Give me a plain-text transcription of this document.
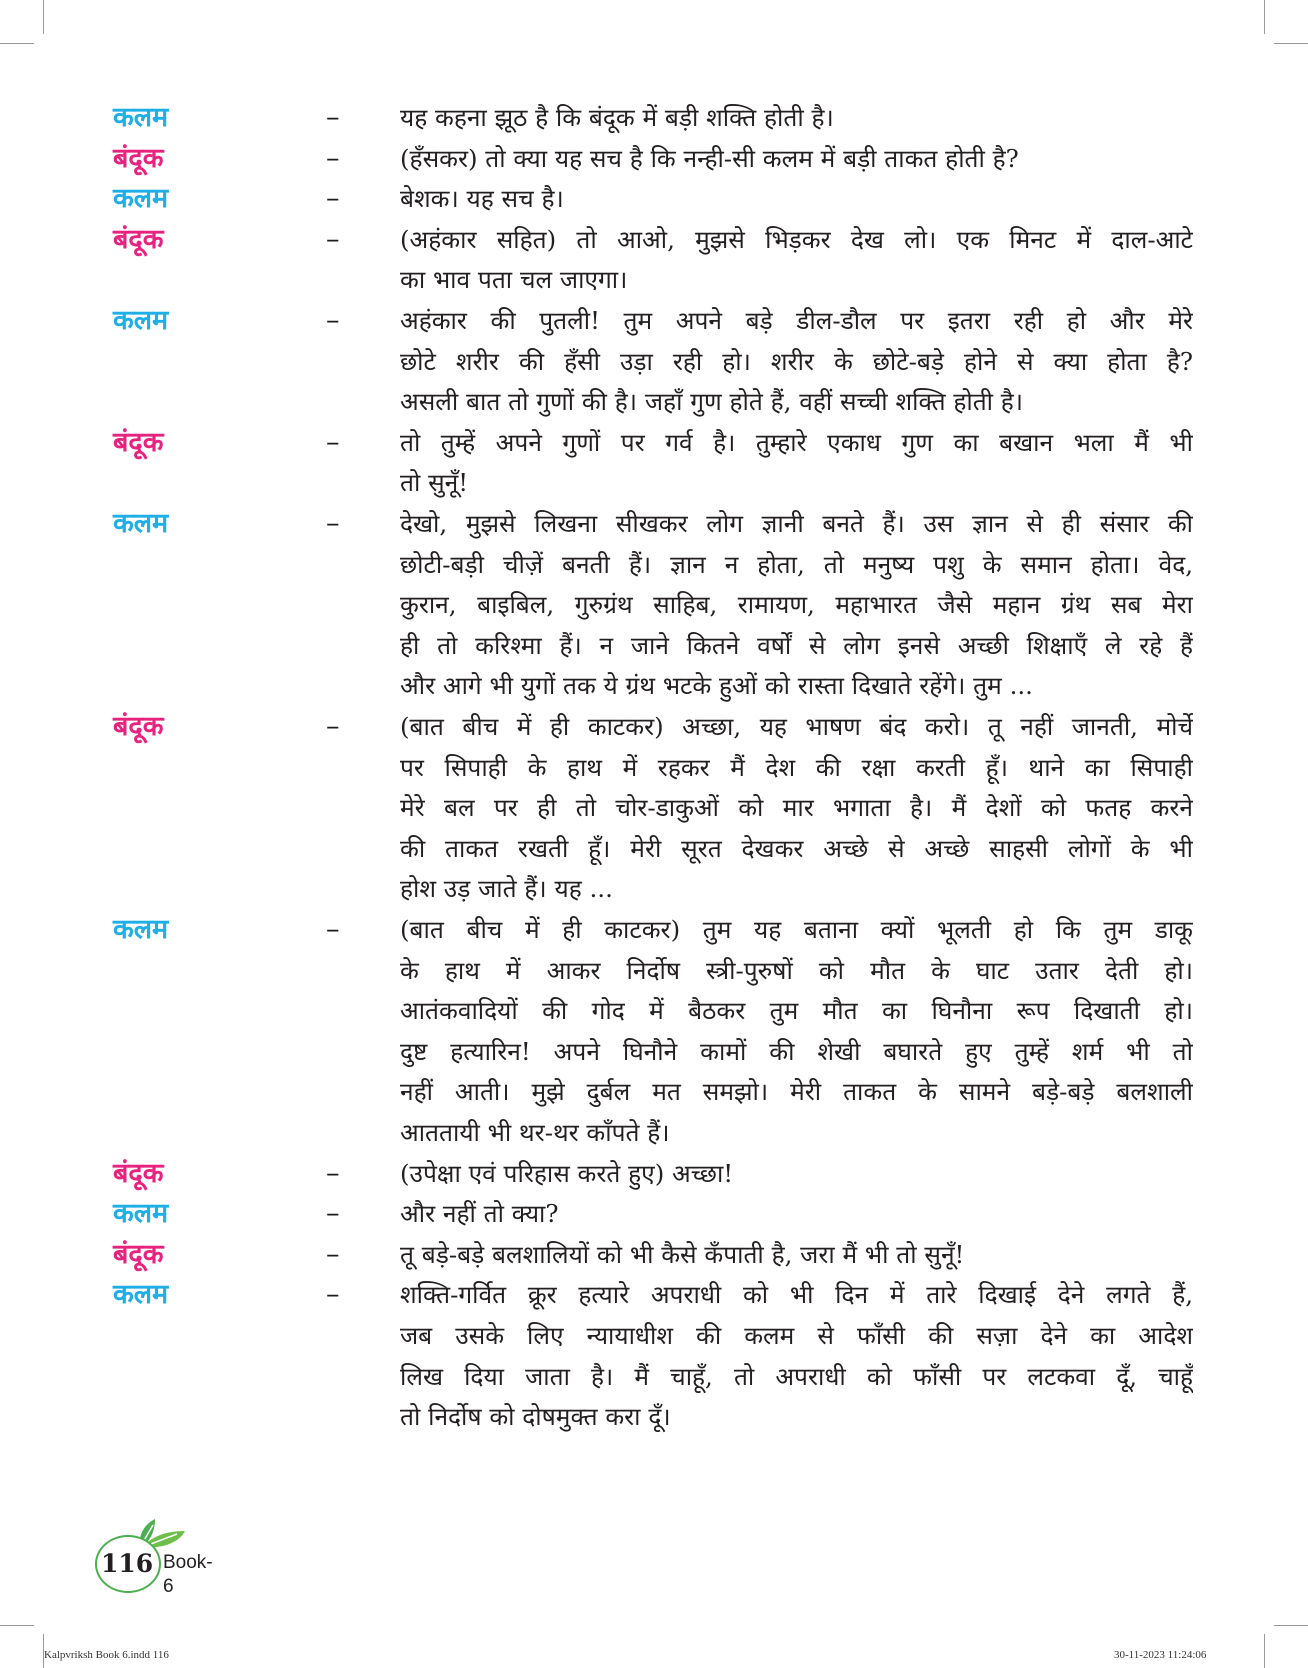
कलम –	यह कहना झूठ है कि बंदूक में बड़ी शक्ति होती है।
बंदूक –	(हँसकर) तो क्या यह सच है कि नन्ही-सी कलम में बड़ी ताकत होती है?
कलम –	बेशक। यह सच है।
बंदूक –	(अहंकार सहित) तो आओ, मुझसे भिड़कर देख लो। एक मिनट में दाल-आटे
का भाव पता चल जाएगा।
कलम –	अहंकार की पुतली! तुम अपने बड़े डील-डौल पर इतरा रही हो और मेरे
छोटे शरीर की हँसी उड़ा रही हो। शरीर के छोटे-बड़े होने से क्या होता है?
असली बात तो गुणों की है। जहाँ गुण होते हैं, वहीं सच्ची शक्ति होती है।
बंदूक –	तो तुम्हें अपने गुणों पर गर्व है। तुम्हारे एकाध गुण का बखान भला मैं भी
तो सुनूँ!
कलम –	देखो, मुझसे लिखना सीखकर लोग ज्ञानी बनते हैं। उस ज्ञान से ही संसार की
छोटी-बड़ी चीज़ें बनती हैं। ज्ञान न होता, तो मनुष्य पशु के समान होता। वेद,
कुरान, बाइबिल, गुरुग्रंथ साहिब, रामायण, महाभारत जैसे महान ग्रंथ सब मेरा
ही तो करिश्मा हैं। न जाने कितने वर्षों से लोग इनसे अच्छी शिक्षाएँ ले रहे हैं
और आगे भी युगों तक ये ग्रंथ भटके हुओं को रास्ता दिखाते रहेंगे। तुम ...
बंदूक –	(बात बीच में ही काटकर) अच्छा, यह भाषण बंद करो। तू नहीं जानती, मोर्चे
पर सिपाही के हाथ में रहकर मैं देश की रक्षा करती हूँ। थाने का सिपाही
मेरे बल पर ही तो चोर-डाकुओं को मार भगाता है। मैं देशों को फतह करने
की ताकत रखती हूँ। मेरी सूरत देखकर अच्छे से अच्छे साहसी लोगों के भी
होश उड़ जाते हैं। यह ...
कलम –	(बात बीच में ही काटकर) तुम यह बताना क्यों भूलती हो कि तुम डाकू
के हाथ में आकर निर्दोष स्त्री-पुरुषों को मौत के घाट उतार देती हो।
आतंकवादियों की गोद में बैठकर तुम मौत का घिनौना रूप दिखाती हो।
दुष्ट हत्यारिन! अपने घिनौने कामों की शेखी बघारते हुए तुम्हें शर्म भी तो
नहीं आती। मुझे दुर्बल मत समझो। मेरी ताकत के सामने बड़े-बड़े बलशाली
आततायी भी थर-थर काँपते हैं।
बंदूक –	(उपेक्षा एवं परिहास करते हुए) अच्छा!
कलम –	और नहीं तो क्या?
बंदूक –	तू बड़े-बड़े बलशालियों को भी कैसे कँपाती है, जरा मैं भी तो सुनूँ!
कलम –	शक्ति-गर्वित क्रूर हत्यारे अपराधी को भी दिन में तारे दिखाई देने लगते हैं,
जब उसके लिए न्यायाधीश की कलम से फाँसी की सज़ा देने का आदेश
लिख दिया जाता है। मैं चाहूँ, तो अपराधी को फाँसी पर लटकवा दूँ, चाहूँ
तो निर्दोष को दोषमुक्त करा दूँ।
116 Book-6
Kalpvriksh Book 6.indd 116	30-11-2023 11:24:06
